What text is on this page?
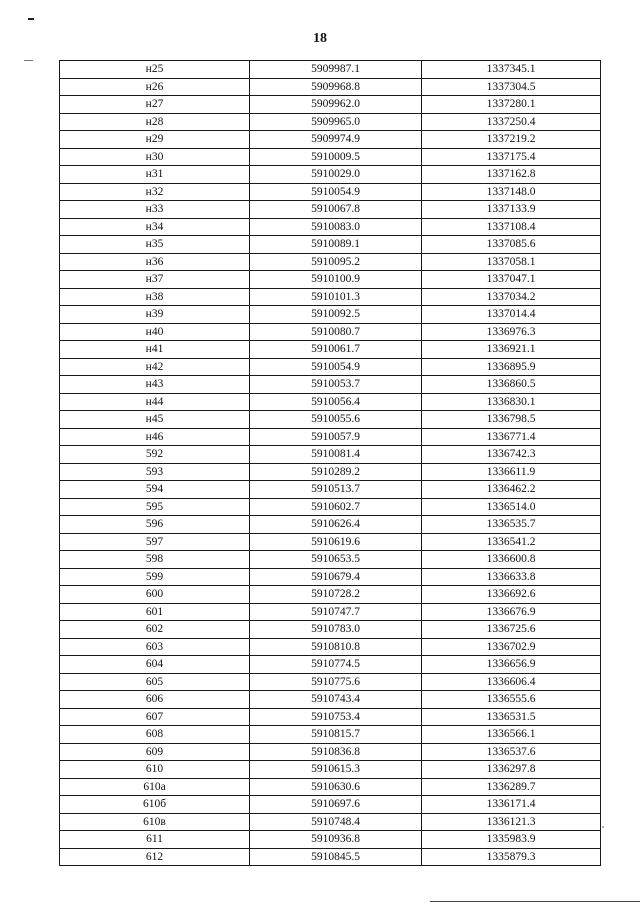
18
н25	5909987.1	1337345.1
н26	5909968.8	1337304.5
н27	5909962.0	1337280.1
н28	5909965.0	1337250.4
н29	5909974.9	1337219.2
н30	5910009.5	1337175.4
н31	5910029.0	1337162.8
н32	5910054.9	1337148.0
н33	5910067.8	1337133.9
н34	5910083.0	1337108.4
н35	5910089.1	1337085.6
н36	5910095.2	1337058.1
н37	5910100.9	1337047.1
н38	5910101.3	1337034.2
н39	5910092.5	1337014.4
н40	5910080.7	1336976.3
н41	5910061.7	1336921.1
н42	5910054.9	1336895.9
н43	5910053.7	1336860.5
н44	5910056.4	1336830.1
н45	5910055.6	1336798.5
н46	5910057.9	1336771.4
592	5910081.4	1336742.3
593	5910289.2	1336611.9
594	5910513.7	1336462.2
595	5910602.7	1336514.0
596	5910626.4	1336535.7
597	5910619.6	1336541.2
598	5910653.5	1336600.8
599	5910679.4	1336633.8
600	5910728.2	1336692.6
601	5910747.7	1336676.9
602	5910783.0	1336725.6
603	5910810.8	1336702.9
604	5910774.5	1336656.9
605	5910775.6	1336606.4
606	5910743.4	1336555.6
607	5910753.4	1336531.5
608	5910815.7	1336566.1
609	5910836.8	1336537.6
610	5910615.3	1336297.8
610а	5910630.6	1336289.7
610б	5910697.6	1336171.4
610в	5910748.4	1336121.3
611	5910936.8	1335983.9
612	5910845.5	1335879.3
